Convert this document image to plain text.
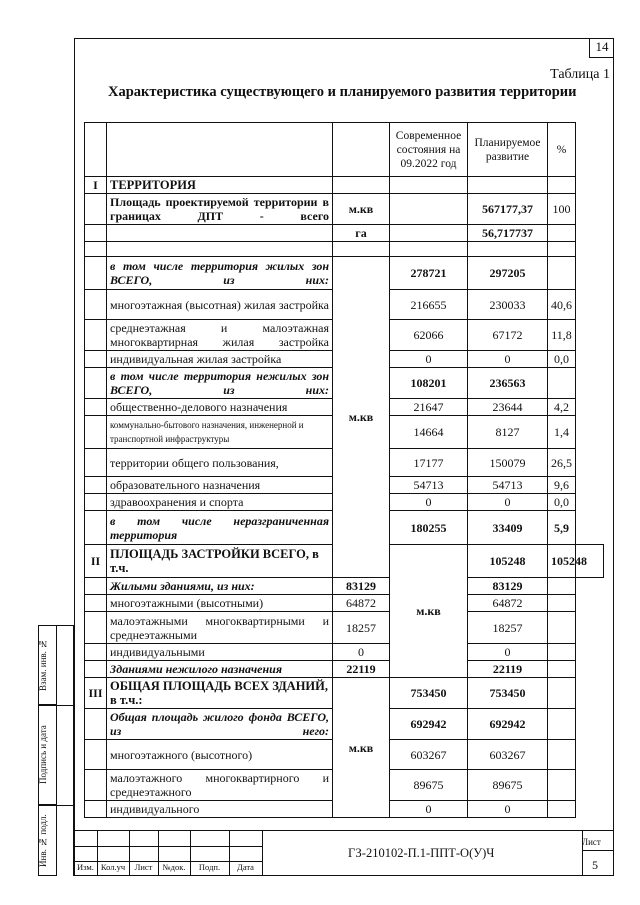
14
Таблица 1
Характеристика существующего и планируемого развития территории
			Современное состояния на 09.2022 год	Планируемое развитие	%	
I	ТЕРРИТОРИЯ					
	Площадь проектируемой территории в границах ДПТ - всего	м.кв		567177,37	100	
		га		56,717737		

	в том числе территория жилых зон ВСЕГО, из них:	м.кв	278721	297205		
	многоэтажная (высотная) жилая застройка		216655	230033	40,6	
	среднеэтажная и малоэтажная многоквартирная жилая застройка		62066	67172	11,8	
	индивидуальная жилая застройка		0	0	0,0	
	в том числе территория нежилых зон ВСЕГО, из них:		108201	236563		
	общественно-делового назначения		21647	23644	4,2	
	коммунально-бытового назначения, инженерной и транспортной инфраструктуры		14664	8127	1,4	
	территории общего пользования,		17177	150079	26,5	
	образовательного назначения		54713	54713	9,6	
	здравоохранения и спорта		0	0	0,0	
	в том числе неразграниченная территория		180255	33409	5,9	
II	ПЛОЩАДЬ ЗАСТРОЙКИ ВСЕГО, в т.ч.		м.кв	105248	105248	
	Жилыми зданиями, из них:	83129		83129		
	многоэтажными (высотными)	64872		64872		
	малоэтажными многоквартирными и среднеэтажными	18257		18257		
	индивидуальными	0		0		
	Зданиями нежилого назначения	22119		22119		
III	ОБЩАЯ ПЛОЩАДЬ ВСЕХ ЗДАНИЙ, в т.ч.:	м.кв	753450	753450		
	Общая площадь жилого фонда ВСЕГО, из него:		692942	692942		
	многоэтажного (высотного)		603267	603267		
	малоэтажного многоквартирного и среднеэтажного		89675	89675		
	индивидуального		0	0		
Взам. инв. №
Подпись и дата
Инв. № подл.	Изм. Кол.уч	Лист	№док.	Подп.	Дата
ГЗ-210102-П.1-ППТ-О(У)Ч
Лист
5
